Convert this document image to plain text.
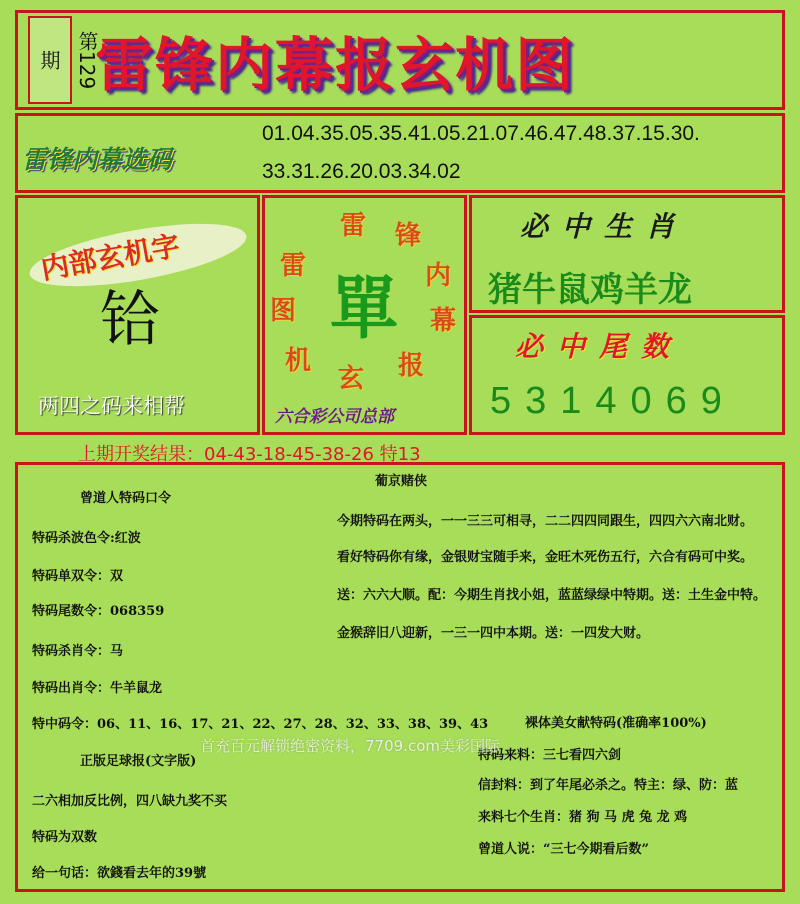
第129期 雷锋内幕报玄机图
雷锋内幕选码
01.04.35.05.35.41.05.21.07.46.47.48.37.15.30.
33.31.26.20.03.34.02
内部玄机字
铪
两四之码来相帮
雷 锋
内
幕
报
玄
机
图
雷
單
六合彩公司总部
必中生肖
猪牛鼠鸡羊龙
必中尾数
5314069
上期开奖结果：04-43-18-45-38-26 特13
曾道人特码口令
特码杀波色令:红波
特码单双令：双
特码尾数令：068359
特码杀肖令：马
特码出肖令：牛羊鼠龙
特中码令：06、11、16、17、21、22、27、28、32、33、38、39、43
正版足球报(文字版)
二六相加反比例，四八缺九奖不买
特码为双数
给一句话：欲錢看去年的39號
葡京赌侠
今期特码在两头，一一三三可相寻，二二四四同跟生，四四六六南北财。
看好特码你有缘，金银财宝随手来，金旺木死伤五行，六合有码可中奖。
送：六六大顺。配：今期生肖找小姐，蓝蓝绿绿中特期。送：土生金中特。
金猴辞旧八迎新，一三一四中本期。送：一四发大财。
裸体美女献特码(准确率100%)
特码来料：三七看四六剑
信封料：到了年尾必杀之。特主：绿、防：蓝
来料七个生肖：猪 狗 马 虎 兔 龙 鸡
曾道人说：“三七今期看后数”
首充百元解锁绝密资料，7709.com美彩国际
